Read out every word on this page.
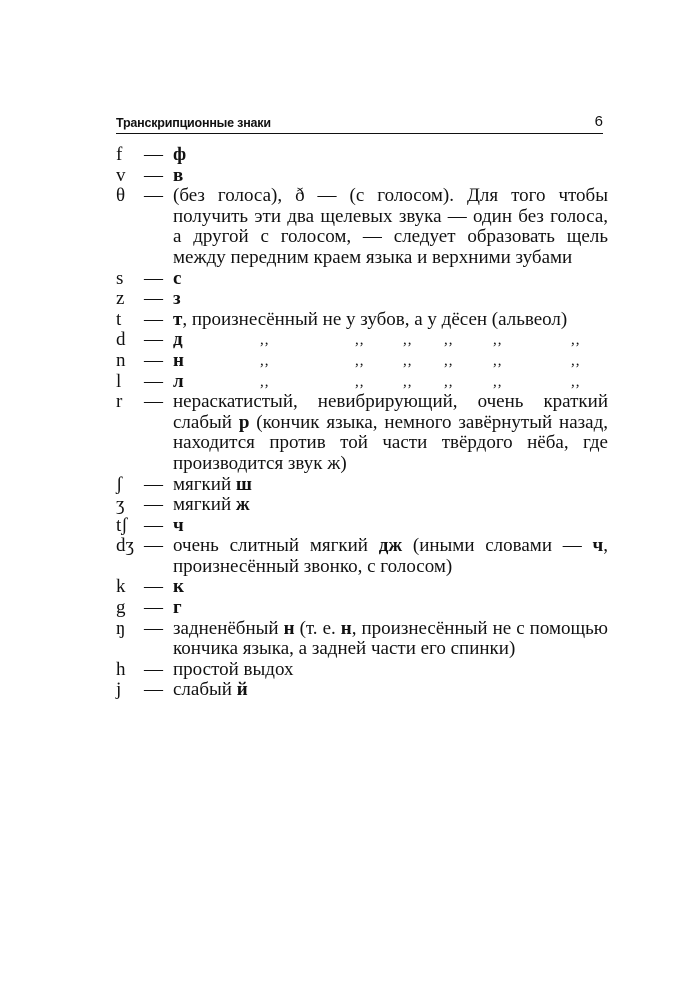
Транскрипционные знаки	6
f	— ф
v — в
θ — (без голоса), ð — (с голосом). Для того чтобы получить эти два щелевых звука — один без голоса, а другой с голосом, — следует образовать щель между передним краем языка и верхними зубами
s	— с
z	— з
t	— т, произнесённый не у зубов, а у дёсен (альвеол)
d — д	,,	,,	,, ,,	,,	,,
n — н	,,	,,	,, ,,	,,	,,
l	— л	,,	,,	,, ,,	,,	,,
r	— нераскатистый, невибрирующий, очень краткий слабый р (кончик языка, немного завёрнутый назад, находится против той части твёрдого нёба, где производится звук ж)
ʃ	— мягкий ш
ʒ	— мягкий ж
tʃ — ч
dʒ — очень слитный мягкий дж (иными словами — ч, произнесённый звонко, с голосом)
k — к
g — г
ŋ — задненёбный н (т. е. н, произнесённый не с помощью кончика языка, а задней части его спинки)
h — простой выдох
j	— слабый й
